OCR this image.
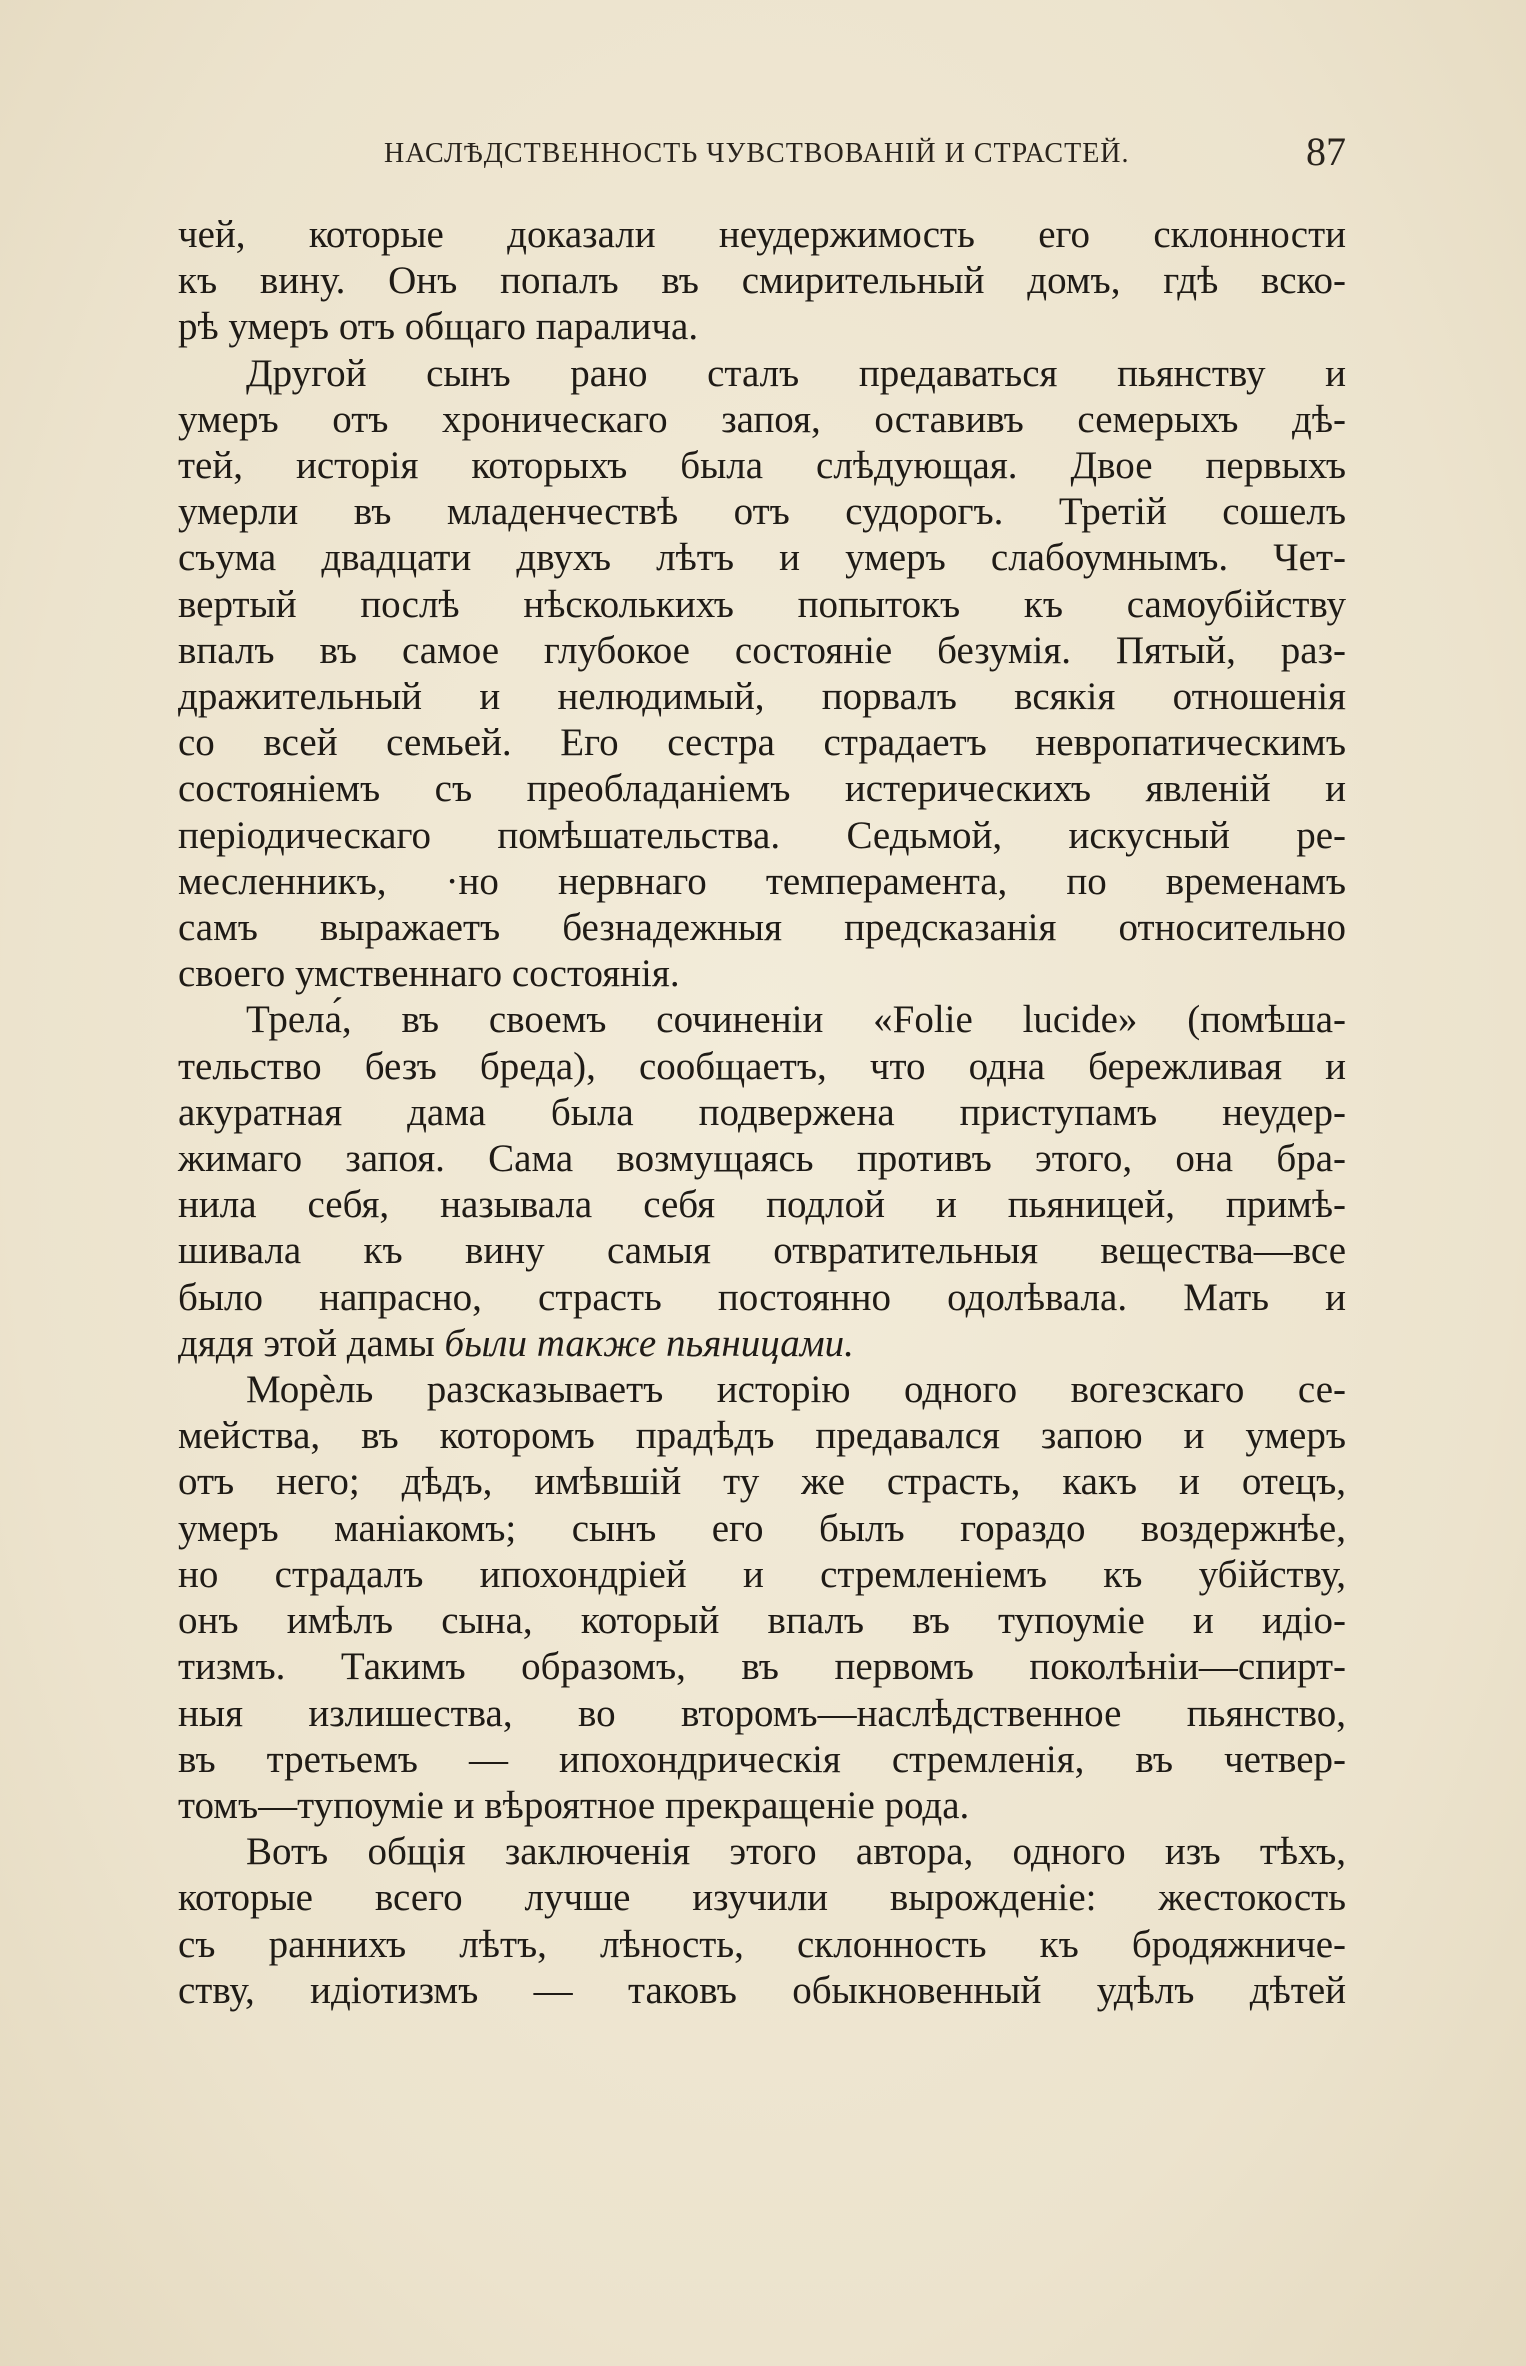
НАСЛѢДСТВЕННОСТЬ ЧУВСТВОВАНІЙ И СТРАСТЕЙ.	87

чей, которые доказали неудержимость его склонности
къ вину. Онъ попалъ въ смирительный домъ, гдѣ вско-
рѣ умеръ отъ общаго паралича.

Другой сынъ рано сталъ предаваться пьянству и
умеръ отъ хроническаго запоя, оставивъ семерыхъ дѣ-
тей, исторія которыхъ была слѣдующая. Двое первыхъ
умерли въ младенчествѣ отъ судорогъ. Третій сошелъ
съума двадцати двухъ лѣтъ и умеръ слабоумнымъ. Чет-
вертый послѣ нѣсколькихъ попытокъ къ самоубійству
впалъ въ самое глубокое состояніе безумія. Пятый, раз-
дражительный и нелюдимый, порвалъ всякія отношенія
со всей семьей. Его сестра страдаетъ невропатическимъ
состояніемъ съ преобладаніемъ истерическихъ явленій и
періодическаго помѣшательства. Седьмой, искусный ре-
месленникъ, ·но нервнаго темперамента, по временамъ
самъ выражаетъ безнадежныя предсказанія относительно
своего умственнаго состоянія.

Трела́, въ своемъ сочиненіи «Folie lucide» (помѣша-
тельство безъ бреда), сообщаетъ, что одна бережливая и
акуратная дама была подвержена приступамъ неудер-
жимаго запоя. Сама возмущаясь противъ этого, она бра-
нила себя, называла себя подлой и пьяницей, примѣ-
шивала къ вину самыя отвратительныя вещества—все
было напрасно, страсть постоянно одолѣвала. Мать и
дядя этой дамы были также пьяницами.

Морѐль разсказываетъ исторію одного вогезскаго се-
мейства, въ которомъ прадѣдъ предавался запою и умеръ
отъ него; дѣдъ, имѣвшій ту же страсть, какъ и отецъ,
умеръ маніакомъ; сынъ его былъ гораздо воздержнѣе,
но страдалъ ипохондріей и стремленіемъ къ убійству,
онъ имѣлъ сына, который впалъ въ тупоуміе и идіо-
тизмъ. Такимъ образомъ, въ первомъ поколѣніи—спирт-
ныя излишества, во второмъ—наслѣдственное пьянство,
въ третьемъ — ипохондрическія стремленія, въ четвер-
томъ—тупоуміе и вѣроятное прекращеніе рода.

Вотъ общія заключенія этого автора, одного изъ тѣхъ,
которые всего лучше изучили вырожденіе: жестокость
съ раннихъ лѣтъ, лѣность, склонность къ бродяжниче-
ству, идіотизмъ — таковъ обыкновенный удѣлъ дѣтей
